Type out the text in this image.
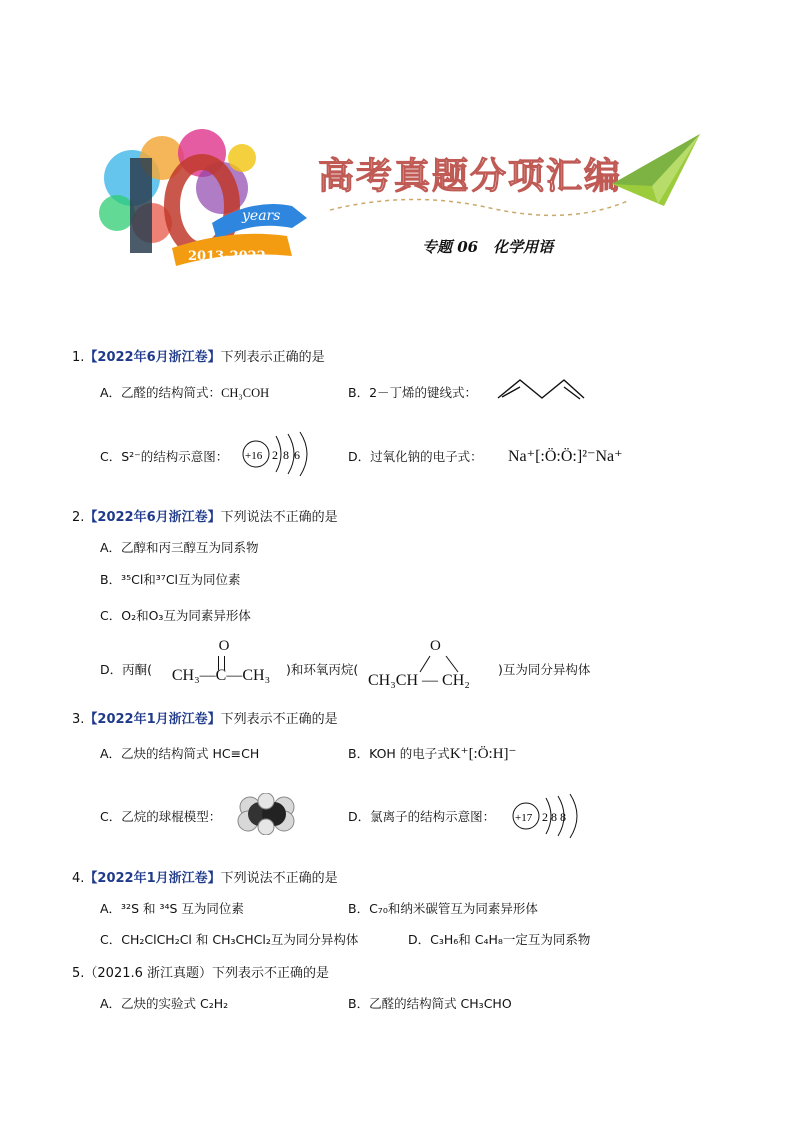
years
2013-2022
高考真题分项汇编
专题 06　化学用语
1.【2022年6月浙江卷】下列表示正确的是
A．乙醛的结构简式：CH₃COH	B．2－丁烯的键线式：
C．S²⁻的结构示意图： +16 2 8 6	D．过氧化钠的电子式： Na⁺[:Ö:Ö:]²⁻Na⁺
2.【2022年6月浙江卷】下列说法不正确的是
A．乙醇和丙三醇互为同系物
B．³⁵Cl和³⁷Cl互为同位素
C．O₂和O₃互为同素异形体
D．丙酮(
O
CH₃—C—CH₃	)和环氧丙烷(
O
CH₃CH — CH₂
)互为同分异构体
3.【2022年1月浙江卷】下列表示不正确的是
A．乙炔的结构简式 HC≡CH	B．KOH 的电子式K⁺[:Ö:H]⁻
C．乙烷的球棍模型：	D．氯离子的结构示意图： +17 2 8 8
4.【2022年1月浙江卷】下列说法不正确的是
A．³²S 和 ³⁴S 互为同位素	B．C₇₀和纳米碳管互为同素异形体
C．CH₂ClCH₂Cl 和 CH₃CHCl₂互为同分异构体	D．C₃H₆和 C₄H₈一定互为同系物
5.（2021.6 浙江真题）下列表示不正确的是
A．乙炔的实验式 C₂H₂	B．乙醛的结构简式 CH₃CHO
